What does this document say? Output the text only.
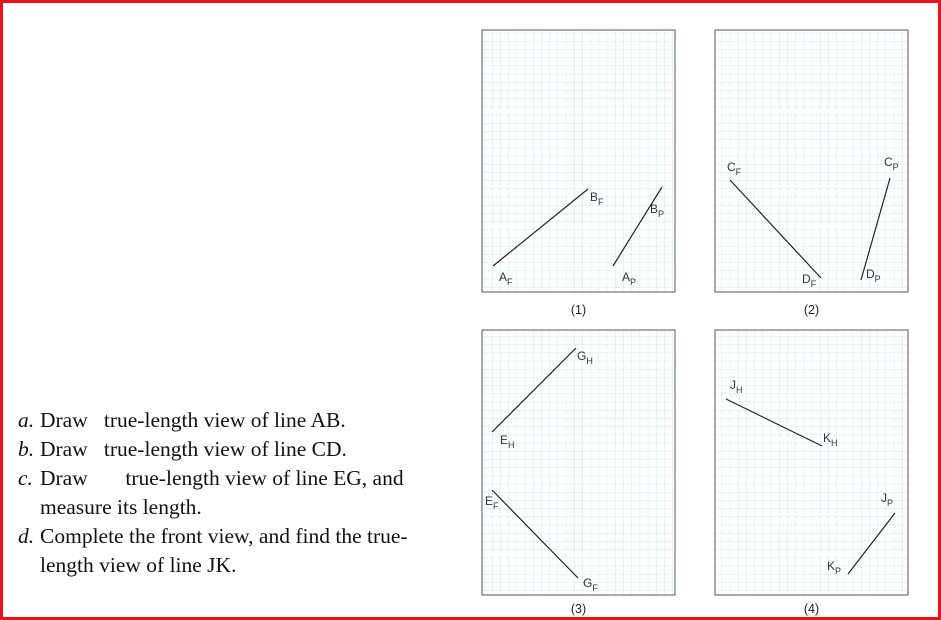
a. Draw   true-length view of line AB.
b. Draw   true-length view of line CD.
c. Draw       true-length view of line EG, and
measure its length.
d. Complete the front view, and find the true-
length view of line JK.
$B_F$
$A_F$
$B_P$
$A_P$
(1)
$C_F$
$D_F$
$C_P$
$D_P$
(2)
$G_H$
$E_H$
$E_F$
$G_F$
(3)
$J_H$
$K_H$
$J_P$
$K_P$
(4)
